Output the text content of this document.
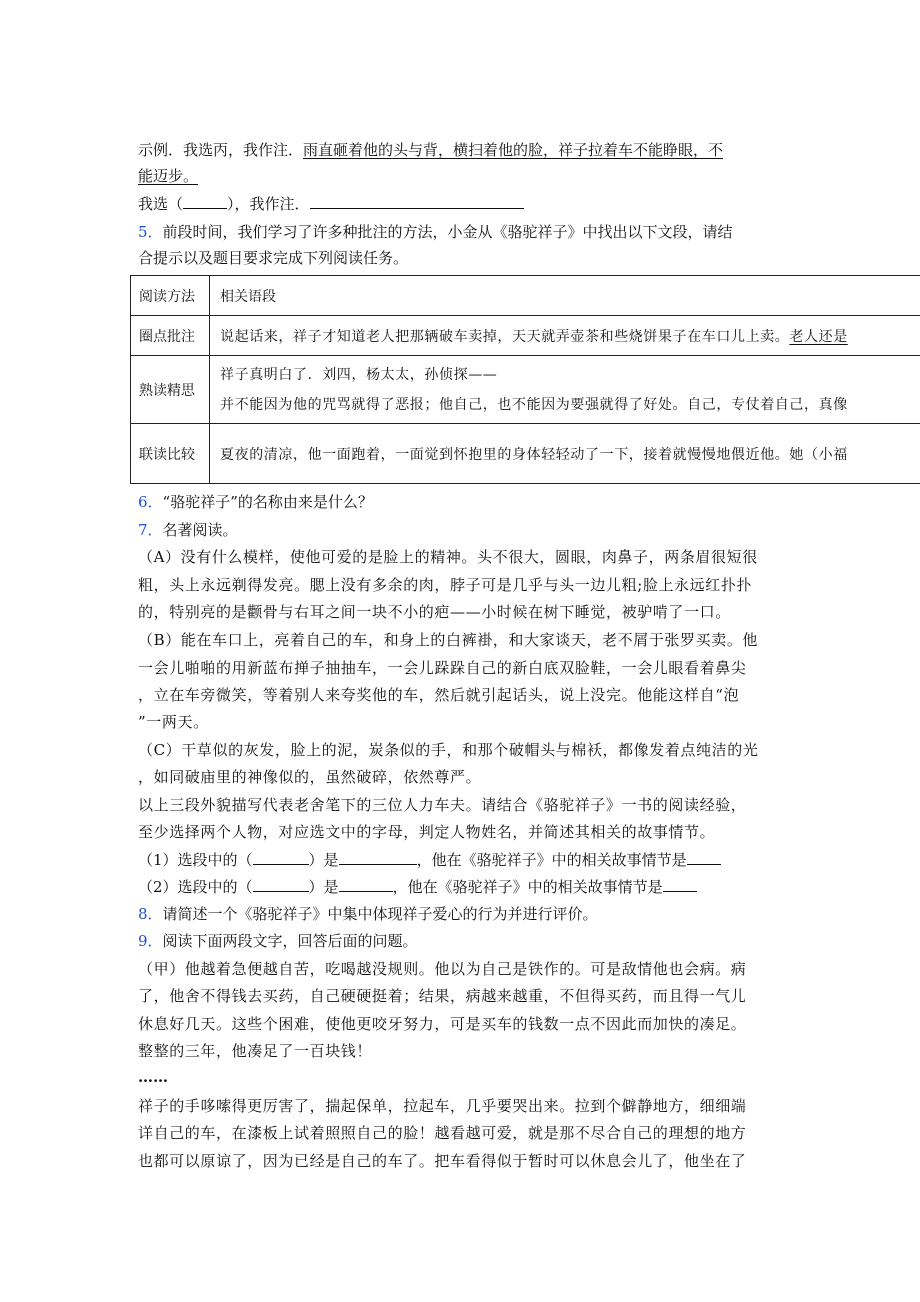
示例．我选丙，我作注．雨直砸着他的头与背，横扫着他的脸，祥子拉着车不能睁眼，不
能迈步。
我选（	），我作注．
5．前段时间，我们学习了许多种批注的方法，小金从《骆驼祥子》中找出以下文段，请结
合提示以及题目要求完成下列阅读任务。
阅读方法	相关语段
圈点批注	说起话来，祥子才知道老人把那辆破车卖掉，天天就弄壶茶和些烧饼果子在车口儿上卖。老人还是
熟读精思	祥子真明白了．刘四，杨太太，孙侦探——
并不能因为他的咒骂就得了恶报；他自己，也不能因为要强就得了好处。自己，专仗着自己，真像

联读比较	夏夜的清凉，他一面跑着，一面觉到怀抱里的身体轻轻动了一下，接着就慢慢地偎近他。她（小福
6．“骆驼祥子”的名称由来是什么？
7．名著阅读。
（A）没有什么模样，使他可爱的是脸上的精神。头不很大，圆眼，肉鼻子，两条眉很短很
粗，头上永远剃得发亮。腮上没有多余的肉，脖子可是几乎与头一边儿粗;脸上永远红扑扑
的，特别亮的是颧骨与右耳之间一块不小的疤——小时候在树下睡觉，被驴啃了一口。
（B）能在车口上，亮着自己的车，和身上的白裤褂，和大家谈天，老不屑于张罗买卖。他
一会儿啪啪的用新蓝布掸子抽抽车，一会儿跺跺自己的新白底双脸鞋，一会儿眼看着鼻尖
，立在车旁微笑，等着别人来夸奖他的车，然后就引起话头，说上没完。他能这样自“泡
”一两天。
（C）干草似的灰发，脸上的泥，炭条似的手，和那个破帽头与棉袄，都像发着点纯洁的光
，如同破庙里的神像似的，虽然破碎，依然尊严。
以上三段外貌描写代表老舍笔下的三位人力车夫。请结合《骆驼祥子》一书的阅读经验，
至少选择两个人物，对应选文中的字母，判定人物姓名，并简述其相关的故事情节。
（1）选段中的（	）是	，他在《骆驼祥子》中的相关故事情节是
（2）选段中的（	）是	，他在《骆驼祥子》中的相关故事情节是
8．请简述一个《骆驼祥子》中集中体现祥子爱心的行为并进行评价。
9．阅读下面两段文字，回答后面的问题。
（甲）他越着急便越自苦，吃喝越没规则。他以为自己是铁作的。可是敌情他也会病。病
了，他舍不得钱去买药，自己硬硬挺着；结果，病越来越重，不但得买药，而且得一气儿
休息好几天。这些个困难，使他更咬牙努力，可是买车的钱数一点不因此而加快的凑足。
整整的三年，他凑足了一百块钱！
……
祥子的手哆嗦得更厉害了，揣起保单，拉起车，几乎要哭出来。拉到个僻静地方，细细端
详自己的车，在漆板上试着照照自己的脸！越看越可爱，就是那不尽合自己的理想的地方
也都可以原谅了，因为已经是自己的车了。把车看得似于暂时可以休息会儿了，他坐在了
